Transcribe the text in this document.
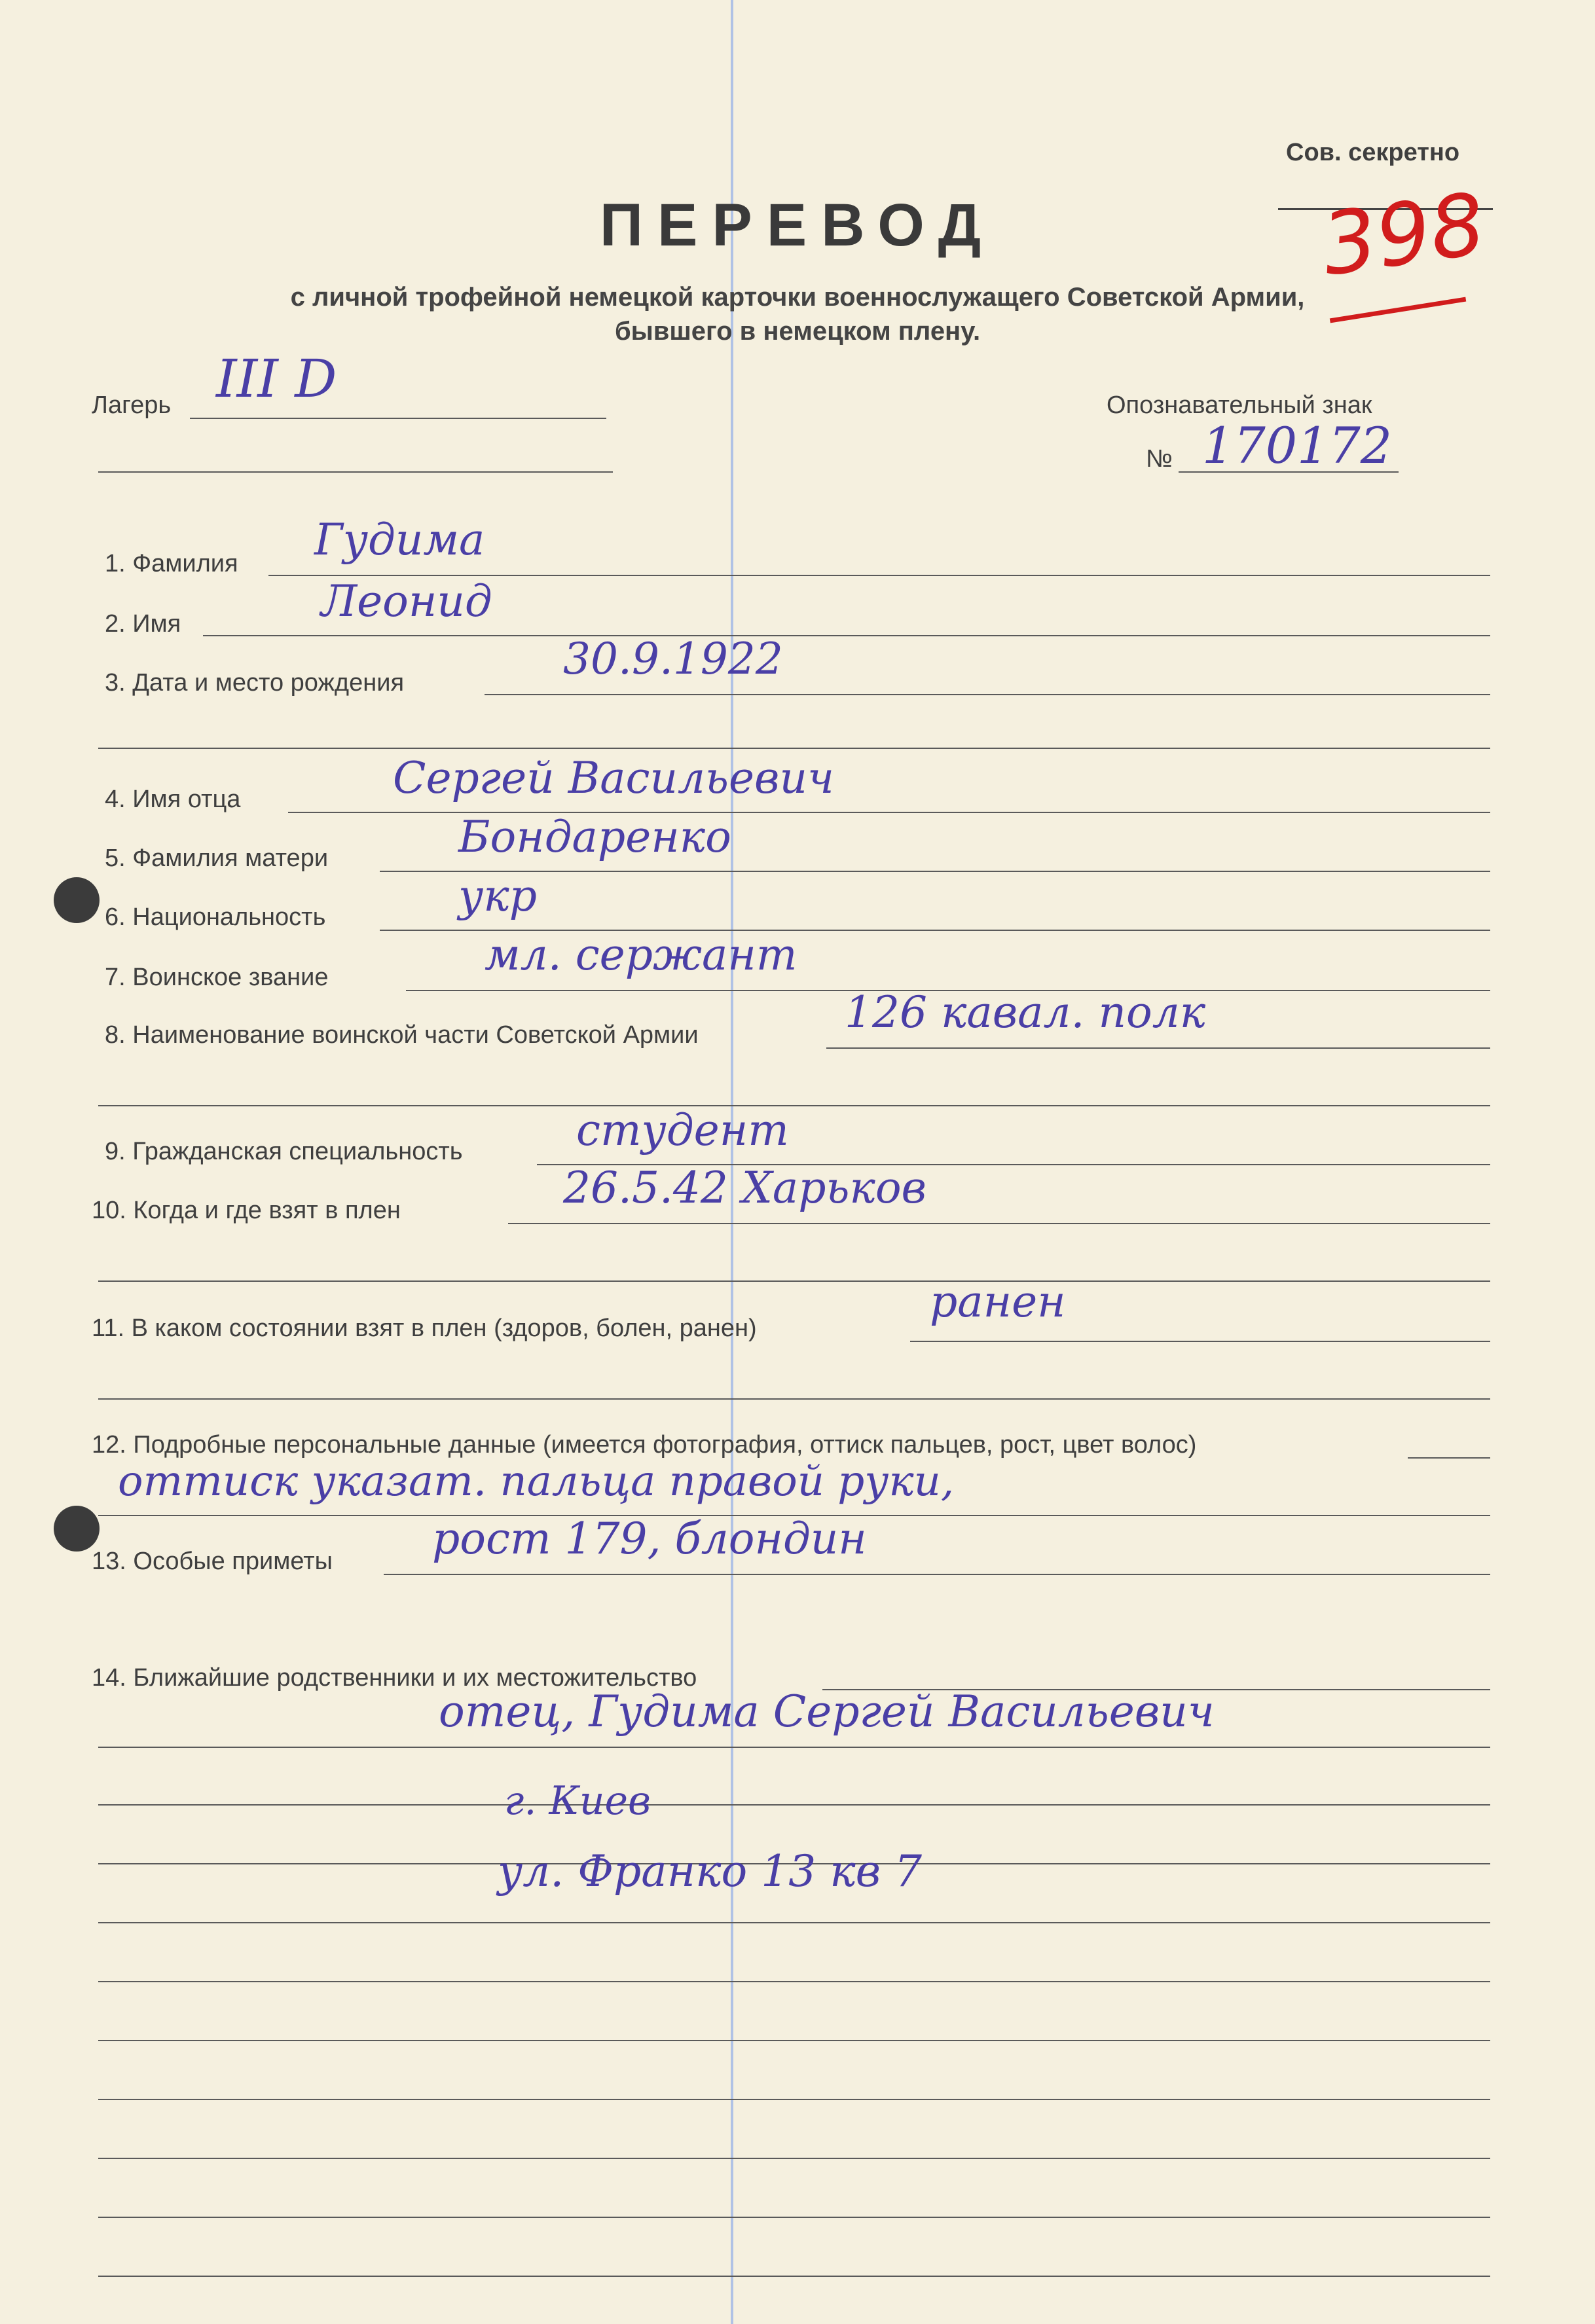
Сов. секретно
ПЕРЕВОД
с личной трофейной немецкой карточки военнослужащего Советской Армии,
бывшего в немецком плену.
398
Лагерь III D	Опознавательный знак
№ 170172
1. Фамилия Гудима
2. Имя	Леонид
3. Дата и место рождения	30.9.1922
4. Имя отца	Сергей Васильевич
5. Фамилия матери	Бондаренко
6. Национальность	укр
7. Воинское звание	мл. сержант
8. Наименование воинской части Советской Армии	126 кавал. полк
9. Гражданская специальность	студент
10. Когда и где взят в плен	26.5.42 Харьков
11. В каком состоянии взят в плен (здоров, болен, ранен)
ранен
12. Подробные персональные данные (имеется фотография, оттиск пальцев, рост, цвет волос)
оттиск указат. пальца правой руки,
13. Особые приметы рост 179, блондин
14. Ближайшие родственники и их местожительство
отец, Гудима Сергей Васильевич
г. Киев
ул. Франко 13 кв 7
